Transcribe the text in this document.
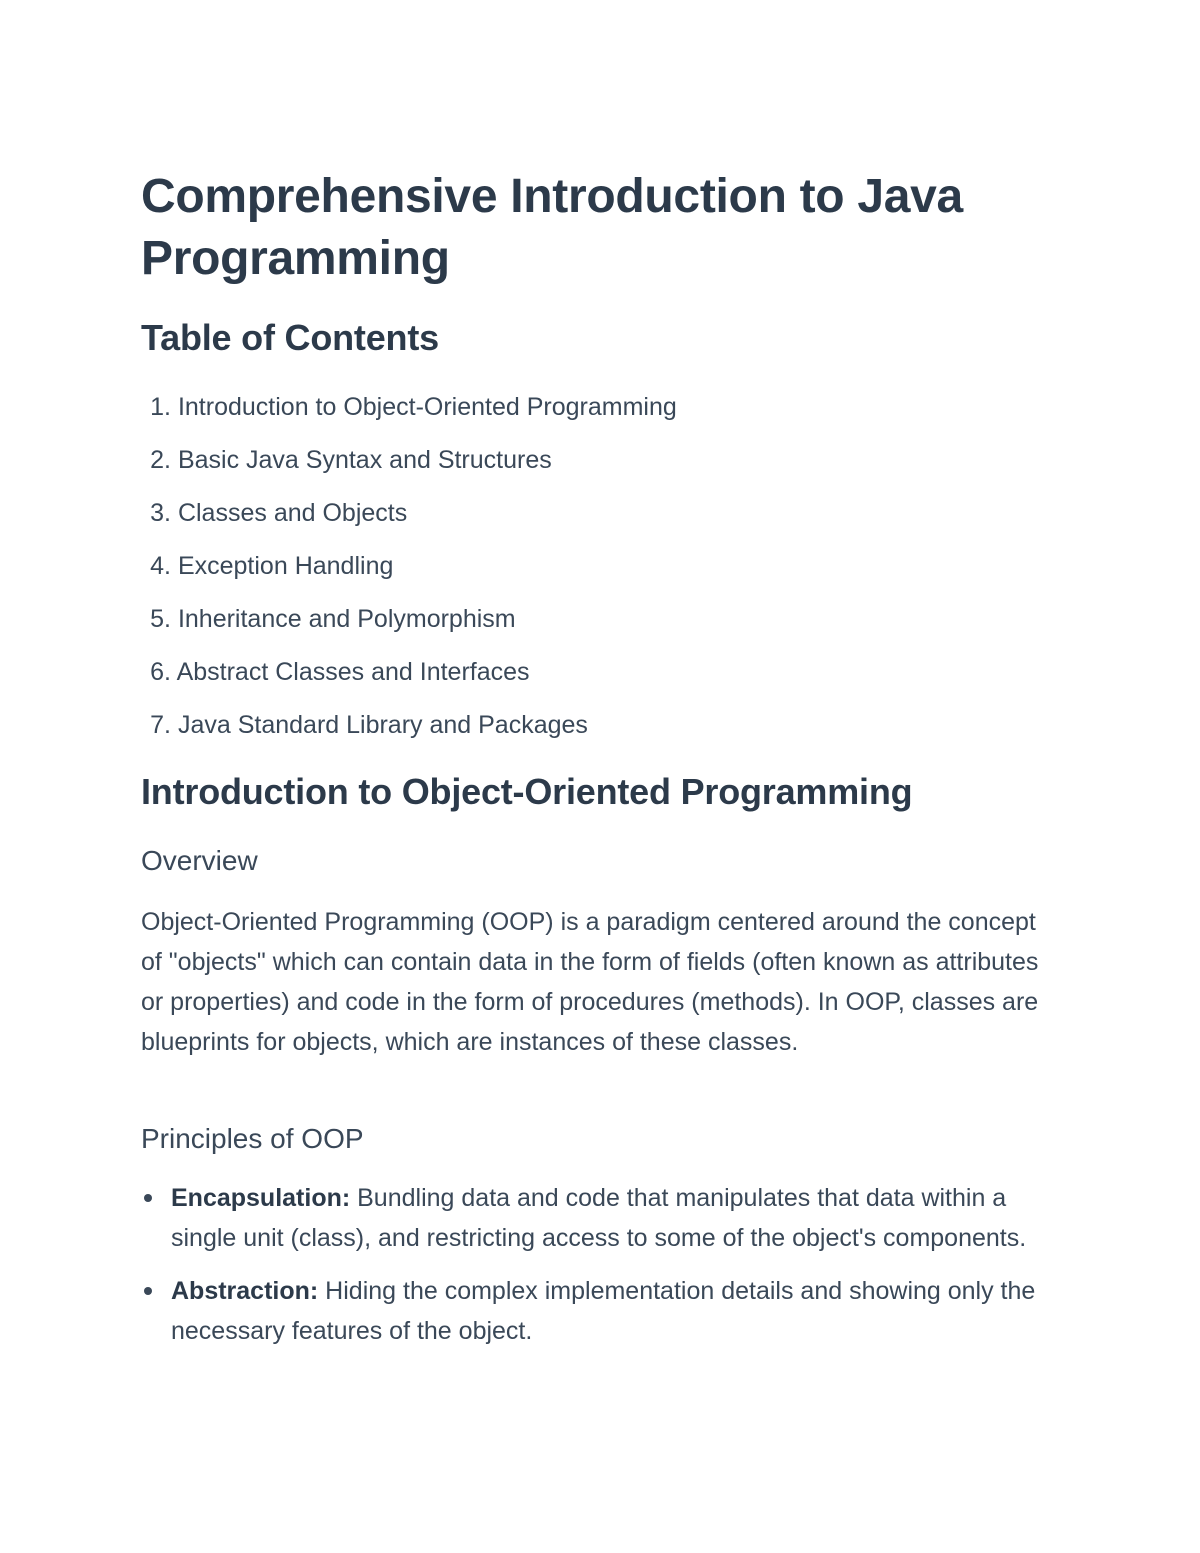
Comprehensive Introduction to Java Programming
Table of Contents
1. Introduction to Object-Oriented Programming
2. Basic Java Syntax and Structures
3. Classes and Objects
4. Exception Handling
5. Inheritance and Polymorphism
6. Abstract Classes and Interfaces
7. Java Standard Library and Packages
Introduction to Object-Oriented Programming
Overview

Object-Oriented Programming (OOP) is a paradigm centered around the concept of "objects" which can contain data in the form of fields (often known as attributes or properties) and code in the form of procedures (methods). In OOP, classes are blueprints for objects, which are instances of these classes.

Principles of OOP
Encapsulation: Bundling data and code that manipulates that data within a single unit (class), and restricting access to some of the object's components.
Abstraction: Hiding the complex implementation details and showing only the necessary features of the object.
